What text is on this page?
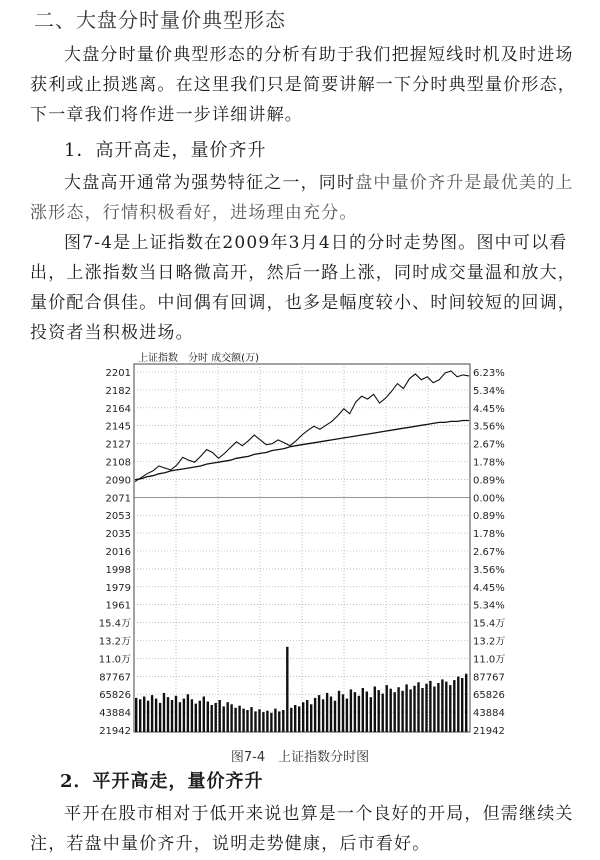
二、大盘分时量价典型形态
大盘分时量价典型形态的分析有助于我们把握短线时机及时进场获利或止损逃离。在这里我们只是简要讲解一下分时典型量价形态，下一章我们将作进一步详细讲解。
1．高开高走，量价齐升
大盘高开通常为强势特征之一，同时盘中量价齐升是最优美的上涨形态，行情积极看好，进场理由充分。
图7-4是上证指数在2009年3月4日的分时走势图。图中可以看出，上涨指数当日略微高开，然后一路上涨，同时成交量温和放大，量价配合俱佳。中间偶有回调，也多是幅度较小、时间较短的回调，投资者当积极进场。
上证指数　分时 成交额(万)
2201
2182
2164
2145
2127
2108
2090
2071
2053
2035
2016
1998
1979
1961
15.4万
13.2万
11.0万
87767
65826
43884
21942
6.23%
5.34%
4.45%
3.56%
2.67%
1.78%
0.89%
0.00%
0.89%
1.78%
2.67%
3.56%
4.45%
5.34%
15.4万
13.2万
11.0万
87767
65826
43884
21942
图7-4　上证指数分时图
2．平开高走，量价齐升
平开在股市相对于低开来说也算是一个良好的开局，但需继续关注，若盘中量价齐升，说明走势健康，后市看好。
